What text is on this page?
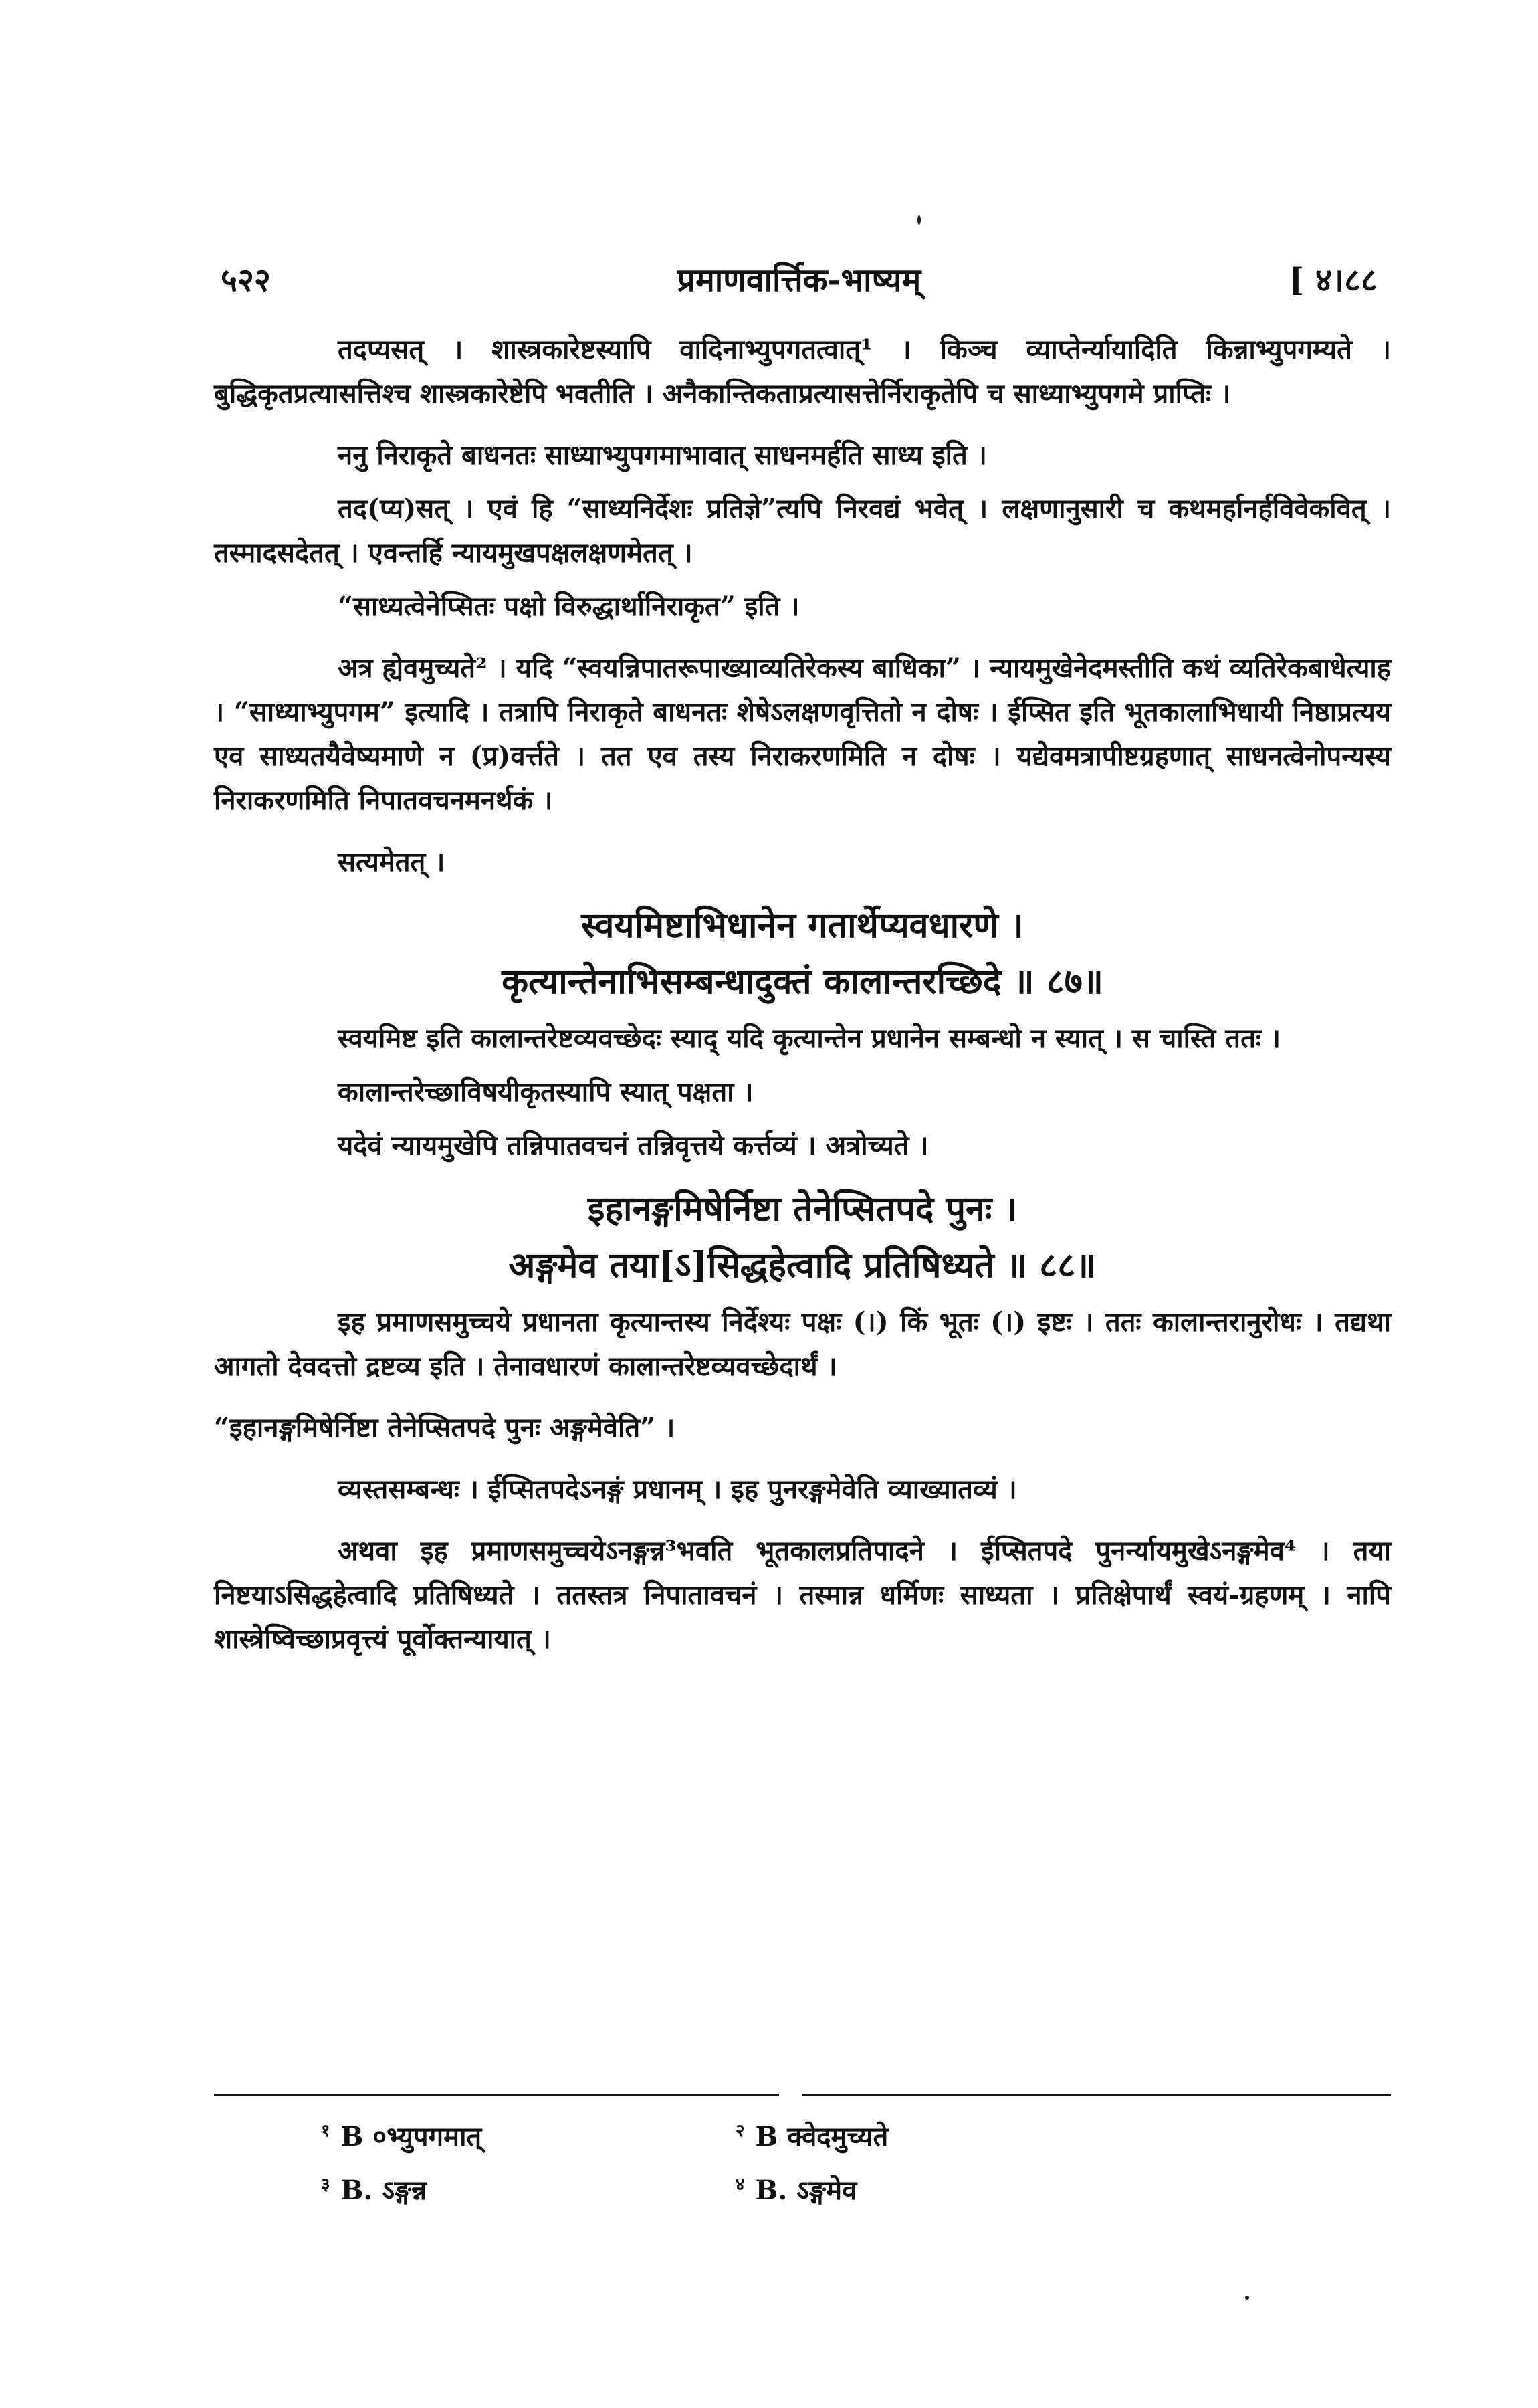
५२२	प्रमाणवार्त्तिक-भाष्यम्	[ ४।८८

तदप्यसत् । शास्त्रकारेष्टस्यापि वादिनाभ्युपगतत्वात्¹ । किञ्च व्याप्तेर्न्यायादिति किन्नाभ्युपगम्यते । बुद्धिकृतप्रत्यासत्तिश्च शास्त्रकारेष्टेपि भवतीति । अनैकान्तिकताप्रत्यासत्तेर्निराकृतेपि च साध्याभ्युपगमे प्राप्तिः ।

ननु निराकृते बाधनतः साध्याभ्युपगमाभावात् साधनमर्हति साध्य इति ।

तद(प्य)सत् । एवं हि “साध्यनिर्देशः प्रतिज्ञे”त्यपि निरवद्यं भवेत् । लक्षणानुसारी च कथमर्हानर्हविवेकवित् । तस्मादसदेतत् । एवन्तर्हि न्यायमुखपक्षलक्षणमेतत् ।

“साध्यत्वेनेप्सितः पक्षो विरुद्धार्थानिराकृत” इति ।

अत्र ह्येवमुच्यते² । यदि “स्वयन्निपातरूपाख्याव्यतिरेकस्य बाधिका” । न्यायमुखेनेदमस्तीति कथं व्यतिरेकबाधेत्याह । “साध्याभ्युपगम” इत्यादि । तत्रापि निराकृते बाधनतः शेषेऽलक्षणवृत्तितो न दोषः । ईप्सित इति भूतकालाभिधायी निष्ठाप्रत्यय एव साध्यतयैवेष्यमाणे न (प्र)वर्त्तते । तत एव तस्य निराकरणमिति न दोषः । यद्येवमत्रापीष्टग्रहणात् साधनत्वेनोपन्यस्य निराकरणमिति निपातवचनमनर्थकं ।

सत्यमेतत् ।

स्वयमिष्टाभिधानेन गतार्थेप्यवधारणे ।
कृत्यान्तेनाभिसम्बन्धादुक्तं कालान्तरच्छिदे ॥ ८७॥

स्वयमिष्ट इति कालान्तरेष्टव्यवच्छेदः स्याद् यदि कृत्यान्तेन प्रधानेन सम्बन्धो न स्यात् । स चास्ति ततः ।

कालान्तरेच्छाविषयीकृतस्यापि स्यात् पक्षता ।

यदेवं न्यायमुखेपि तन्निपातवचनं तन्निवृत्तये कर्त्तव्यं । अत्रोच्यते ।

इहानङ्गमिषेर्निष्टा तेनेप्सितपदे पुनः ।
अङ्गमेव तया[ऽ]सिद्धहेत्वादि प्रतिषिध्यते ॥ ८८॥

इह प्रमाणसमुच्चये प्रधानता कृत्यान्तस्य निर्देश्यः पक्षः (।) किं भूतः (।) इष्टः । ततः कालान्तरानुरोधः । तद्यथा आगतो देवदत्तो द्रष्टव्य इति । तेनावधारणं कालान्तरेष्टव्यवच्छेदार्थं ।

“इहानङ्गमिषेर्निष्टा तेनेप्सितपदे पुनः अङ्गमेवेति” ।

व्यस्तसम्बन्धः । ईप्सितपदेऽनङ्गं प्रधानम् । इह पुनरङ्गमेवेति व्याख्यातव्यं ।

अथवा इह प्रमाणसमुच्चयेऽनङ्गन्न³भवति भूतकालप्रतिपादने । ईप्सितपदे पुनर्न्यायमुखेऽनङ्गमेव⁴ । तया निष्टयाऽसिद्धहेत्वादि प्रतिषिध्यते । ततस्तत्र निपातावचनं । तस्मान्न धर्मिणः साध्यता । प्रतिक्षेपार्थं स्वयं-ग्रहणम् । नापि शास्त्रेष्विच्छाप्रवृत्त्यं पूर्वोक्तन्यायात् ।

$^१$ B ०भ्युपगमात्	$^२$ B क्वेदमुच्यते
$^३$ B. ऽङ्गन्न	$^४$ B. ऽङ्गमेव
